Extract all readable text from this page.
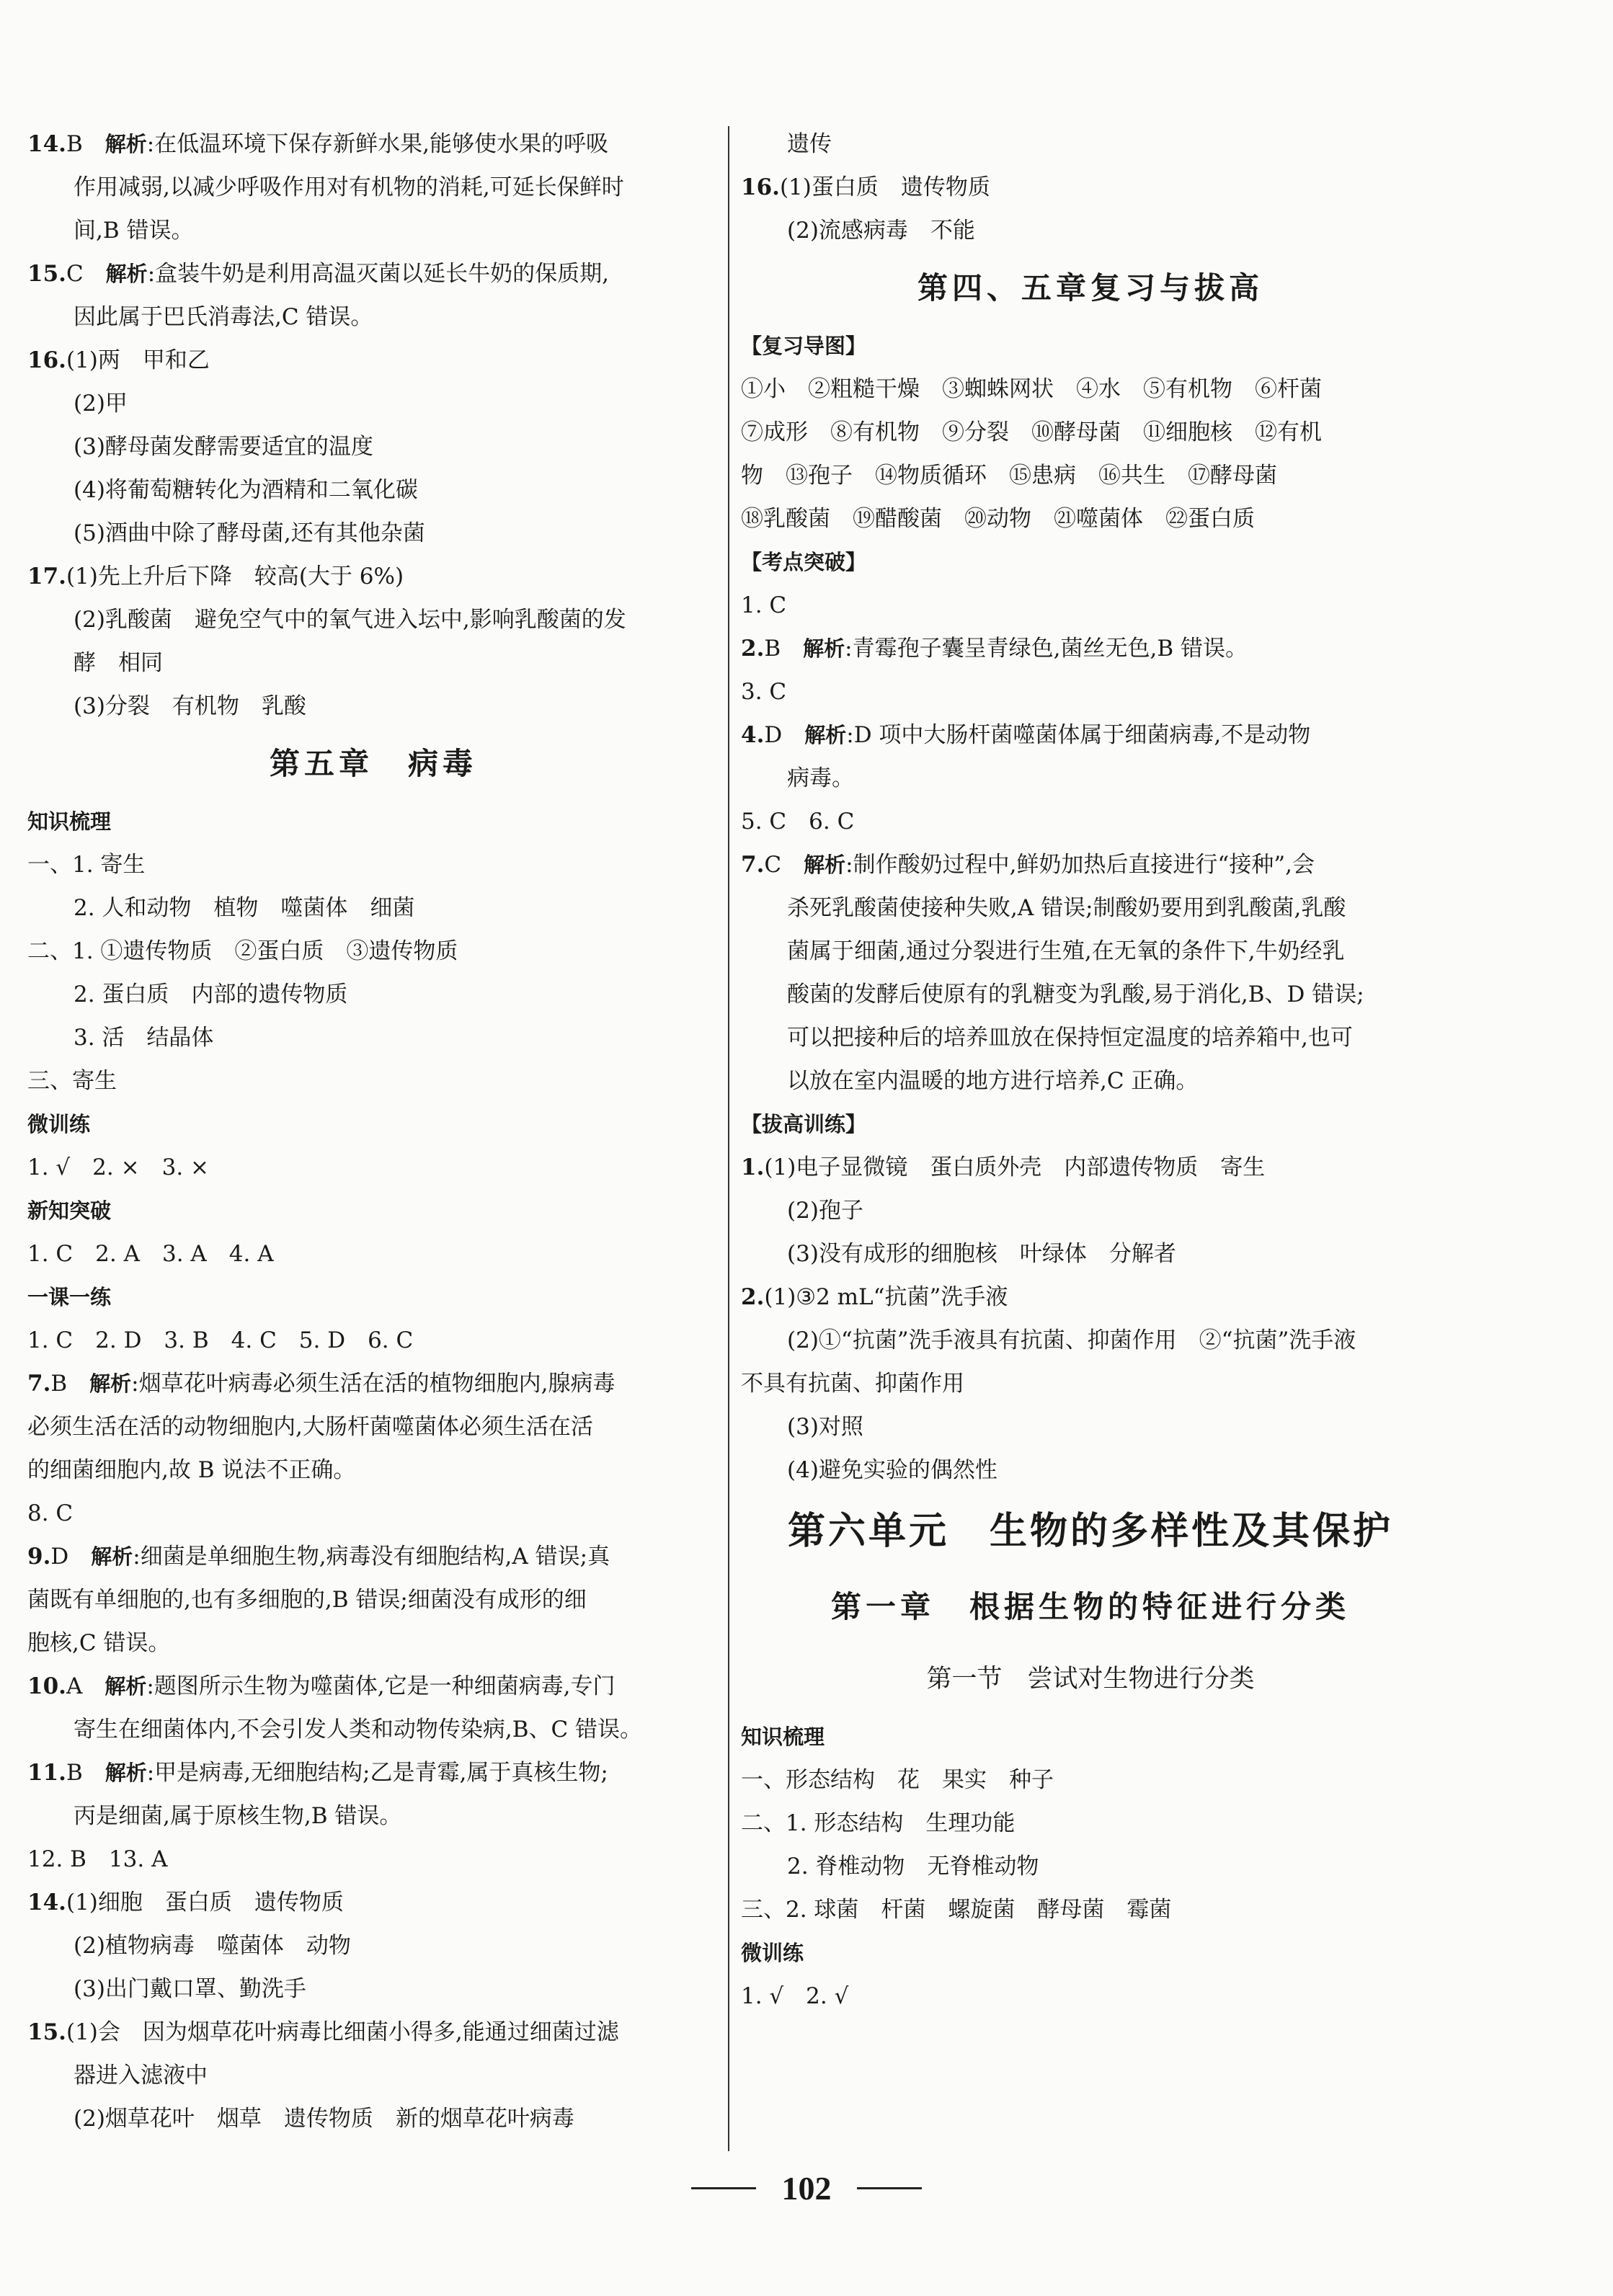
14.B　 解析:在低温环境下保存新鲜水果,能够使水果的呼吸
作用减弱,以减少呼吸作用对有机物的消耗,可延长保鲜时
间,B 错误。
15.C　 解析:盒装牛奶是利用高温灭菌以延长牛奶的保质期,
因此属于巴氏消毒法,C 错误。
16.(1)两　甲和乙
(2)甲
(3)酵母菌发酵需要适宜的温度
(4)将葡萄糖转化为酒精和二氧化碳
(5)酒曲中除了酵母菌,还有其他杂菌
17.(1)先上升后下降　较高(大于 6%)
(2)乳酸菌　避免空气中的氧气进入坛中,影响乳酸菌的发
酵　相同
(3)分裂　有机物　乳酸
第五章　病毒
知识梳理
一、1. 寄生
2. 人和动物　植物　噬菌体　细菌
二、1. ①遗传物质　②蛋白质　③遗传物质
2. 蛋白质　内部的遗传物质
3. 活　结晶体
三、寄生
微训练
1. √　2. ×　3. ×
新知突破
1. C　2. A　3. A　4. A
一课一练
1. C　2. D　3. B　4. C　5. D　6. C
7.B　 解析:烟草花叶病毒必须生活在活的植物细胞内,腺病毒
必须生活在活的动物细胞内,大肠杆菌噬菌体必须生活在活
的细菌细胞内,故 B 说法不正确。
8. C
9.D　 解析:细菌是单细胞生物,病毒没有细胞结构,A 错误;真
菌既有单细胞的,也有多细胞的,B 错误;细菌没有成形的细
胞核,C 错误。
10.A　 解析:题图所示生物为噬菌体,它是一种细菌病毒,专门
寄生在细菌体内,不会引发人类和动物传染病,B、C 错误。
11.B　 解析:甲是病毒,无细胞结构;乙是青霉,属于真核生物;
丙是细菌,属于原核生物,B 错误。
12. B　13. A
14.(1)细胞　蛋白质　遗传物质
(2)植物病毒　噬菌体　动物
(3)出门戴口罩、勤洗手
15.(1)会　因为烟草花叶病毒比细菌小得多,能通过细菌过滤
器进入滤液中
(2)烟草花叶　烟草　遗传物质　新的烟草花叶病毒
遗传
16.(1)蛋白质　遗传物质
(2)流感病毒　不能
第四、五章复习与拔高
【复习导图】
①小　②粗糙干燥　③蜘蛛网状　④水　⑤有机物　⑥杆菌
⑦成形　⑧有机物　⑨分裂　⑩酵母菌　⑪细胞核　⑫有机
物　⑬孢子　⑭物质循环　⑮患病　⑯共生　⑰酵母菌
⑱乳酸菌　⑲醋酸菌　⑳动物　㉑噬菌体　㉒蛋白质
【考点突破】
1. C
2.B　 解析:青霉孢子囊呈青绿色,菌丝无色,B 错误。
3. C
4.D　 解析:D 项中大肠杆菌噬菌体属于细菌病毒,不是动物
病毒。
5. C　6. C
7.C　 解析:制作酸奶过程中,鲜奶加热后直接进行“接种”,会
杀死乳酸菌使接种失败,A 错误;制酸奶要用到乳酸菌,乳酸
菌属于细菌,通过分裂进行生殖,在无氧的条件下,牛奶经乳
酸菌的发酵后使原有的乳糖变为乳酸,易于消化,B、D 错误;
可以把接种后的培养皿放在保持恒定温度的培养箱中,也可
以放在室内温暖的地方进行培养,C 正确。
【拔高训练】
1.(1)电子显微镜　蛋白质外壳　内部遗传物质　寄生
(2)孢子
(3)没有成形的细胞核　叶绿体　分解者
2.(1)③2 mL“抗菌”洗手液
(2)①“抗菌”洗手液具有抗菌、抑菌作用　②“抗菌”洗手液
不具有抗菌、抑菌作用
(3)对照
(4)避免实验的偶然性
第六单元　生物的多样性及其保护
第一章　根据生物的特征进行分类
第一节　尝试对生物进行分类
知识梳理
一、形态结构　花　果实　种子
二、1. 形态结构　生理功能
2. 脊椎动物　无脊椎动物
三、2. 球菌　杆菌　螺旋菌　酵母菌　霉菌
微训练
1. √　2. √
102
